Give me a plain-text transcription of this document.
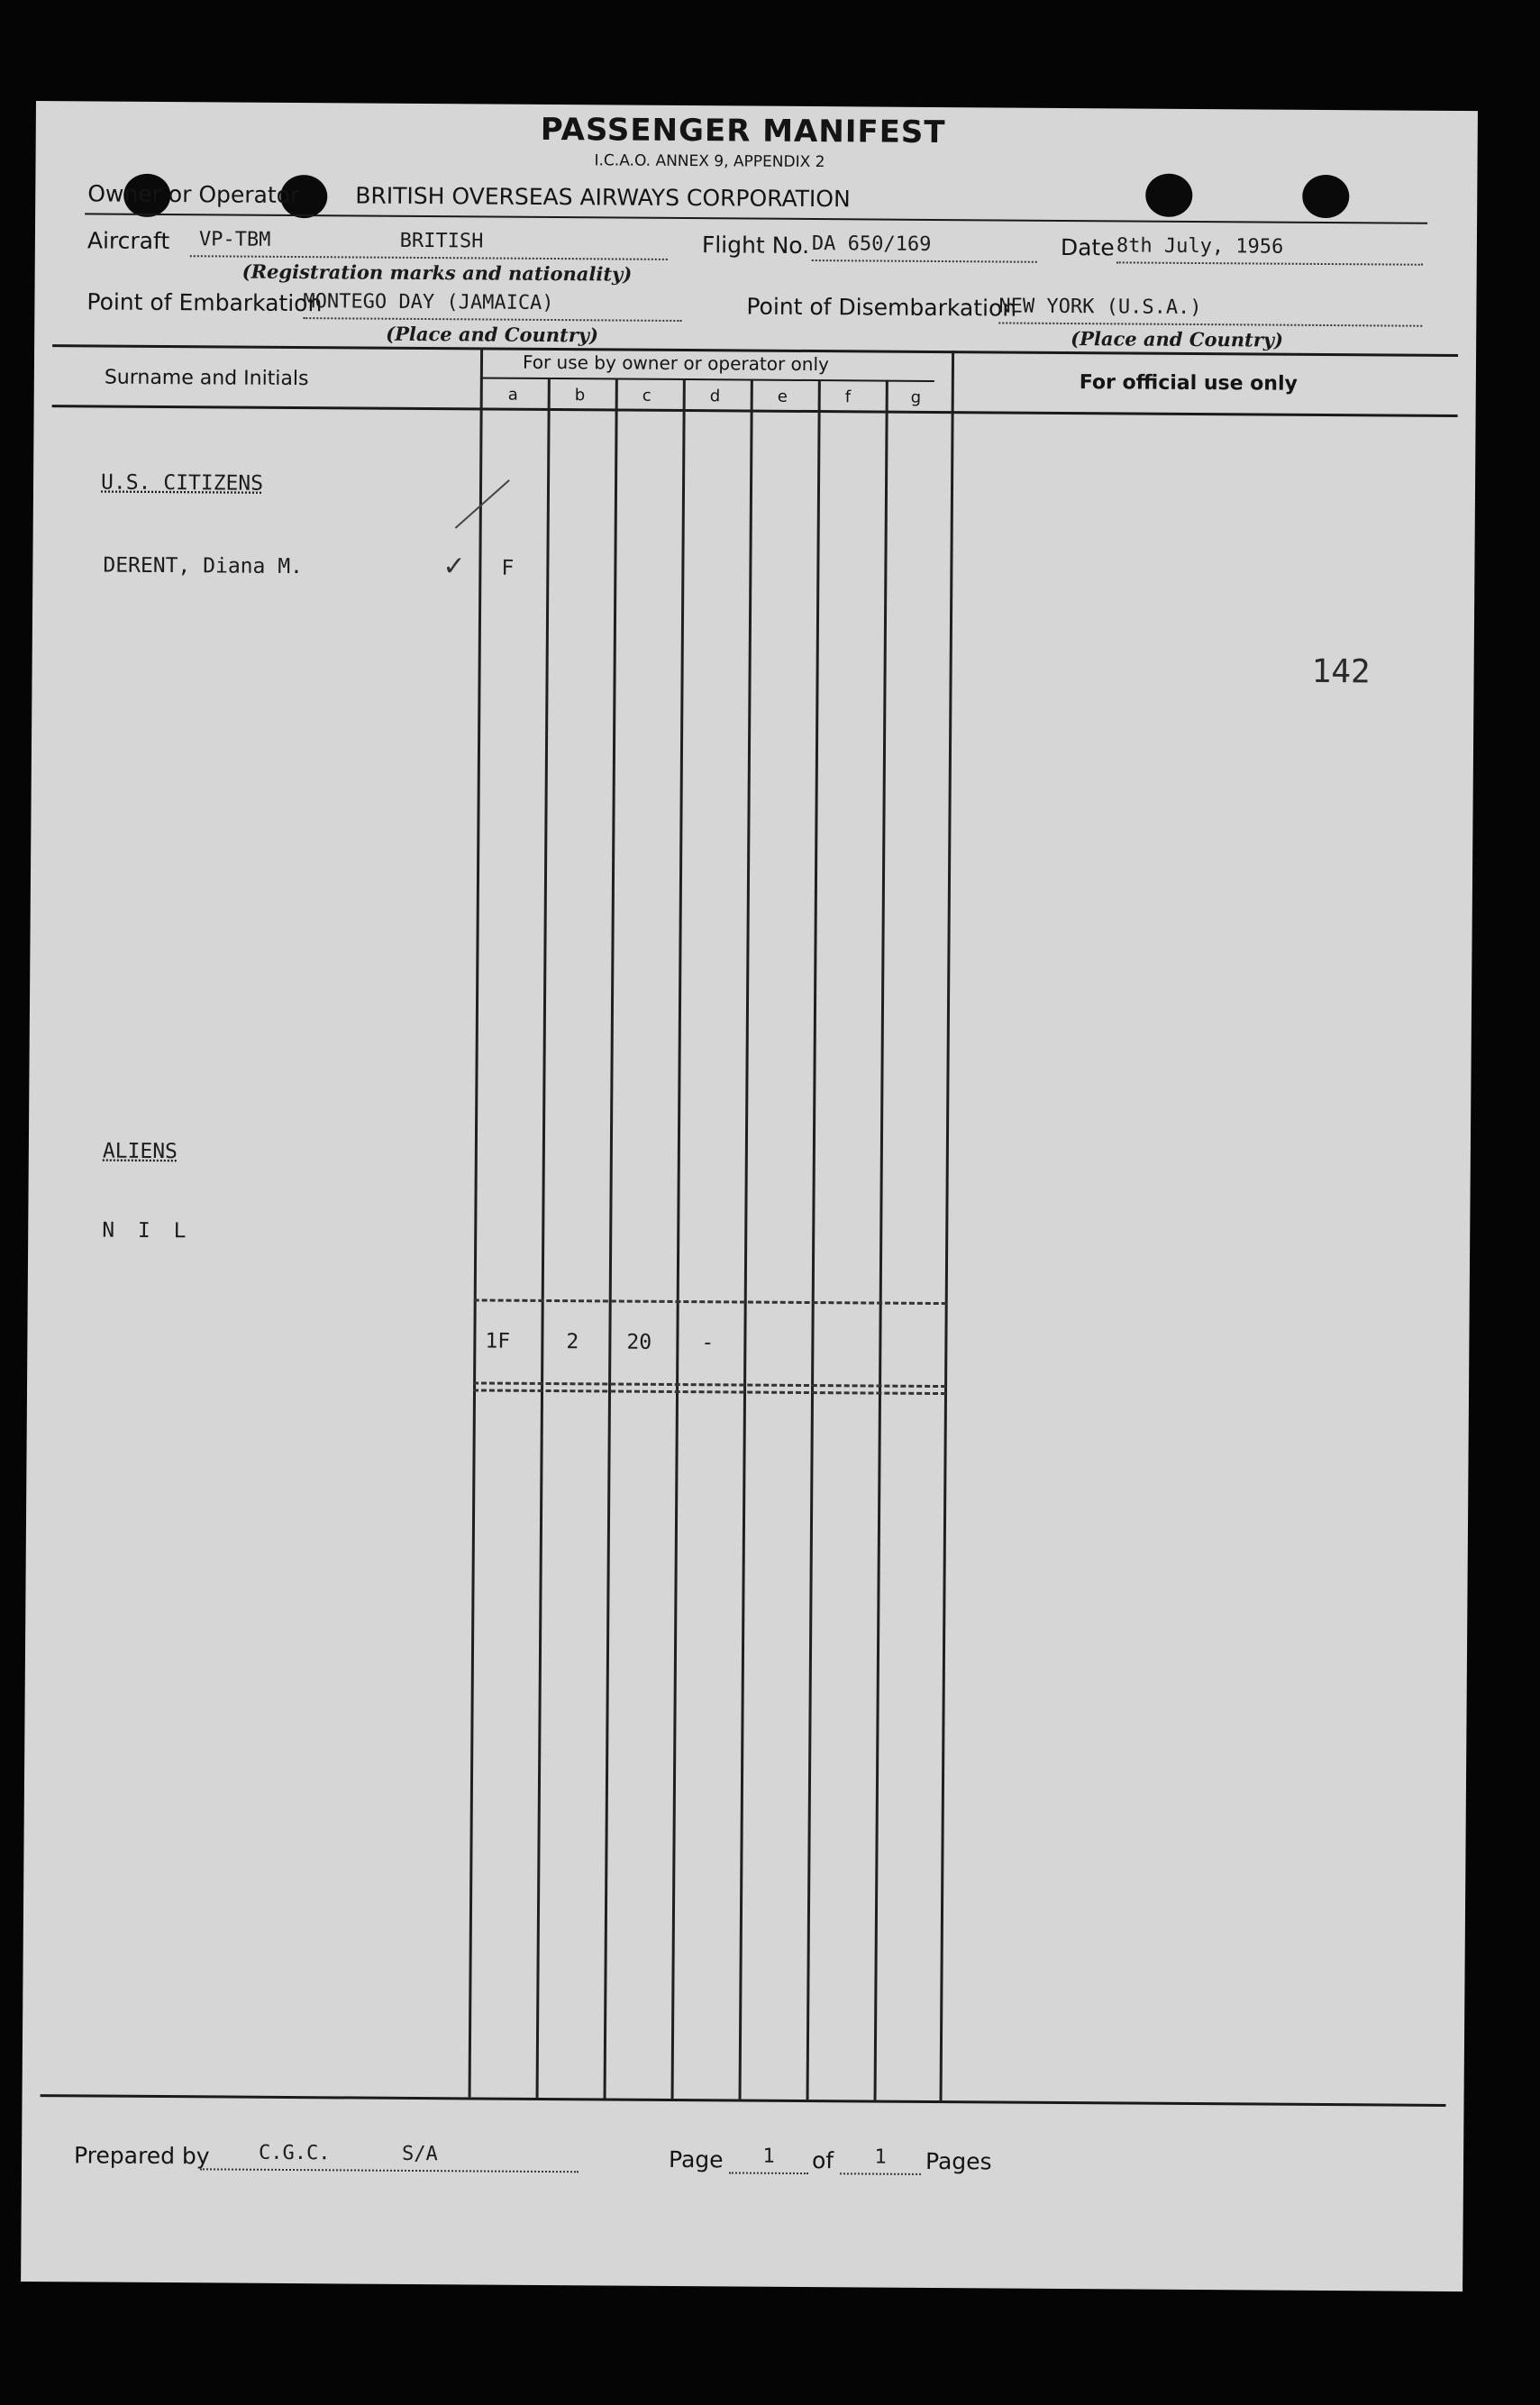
PASSENGER MANIFEST
I.C.A.O. ANNEX 9, APPENDIX 2
Owner or Operator BRITISH OVERSEAS AIRWAYS CORPORATION
Aircraft	VP-TBM	BRITISH
(Registration marks and nationality)
Flight No. DA 650/169	Date 8th July, 1956
Point of Embarkation
MONTEGO DAY (JAMAICA)
(Place and Country)
Point of Disembarkation
NEW YORK (U.S.A.)
(Place and Country)
Surname and Initials
For use by owner or operator only
For official use only
a	b	c	d	e	f	g
U.S. CITIZENS
DERENT, Diana M.	✓ F
142
ALIENS
N I L
1F	2 20 -
Prepared by	C.G.C.      S/A	Page	1	of	1	Pages
